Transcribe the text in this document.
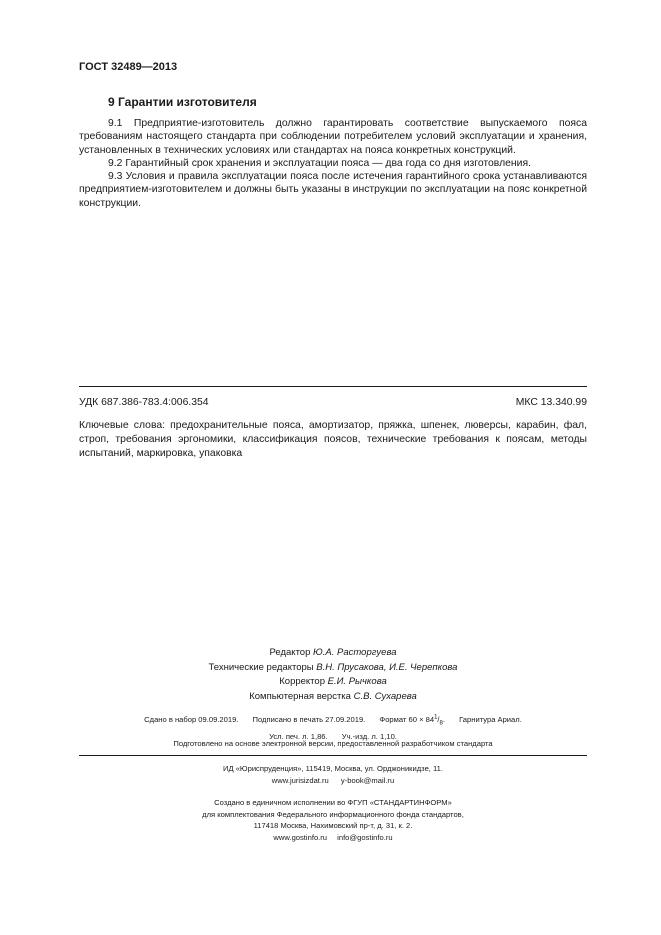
ГОСТ 32489—2013
9 Гарантии изготовителя

9.1 Предприятие-изготовитель должно гарантировать соответствие выпускаемого пояса требованиям настоящего стандарта при соблюдении потребителем условий эксплуатации и хранения, установленных в технических условиях или стандартах на пояса конкретных конструкций.

9.2 Гарантийный срок хранения и эксплуатации пояса — два года со дня изготовления.

9.3 Условия и правила эксплуатации пояса после истечения гарантийного срока устанавливаются предприятием-изготовителем и должны быть указаны в инструкции по эксплуатации на пояс конкретной конструкции.

УДК 687.386-783.4:006.354	МКС 13.340.99
Ключевые слова: предохранительные пояса, амортизатор, пряжка, шпенек, люверсы, карабин, фал, строп, требования эргономики, классификация поясов, технические требования к поясам, методы испытаний, маркировка, упаковка
Редактор Ю.А. Расторгуева
Технические редакторы В.Н. Прусакова, И.Е. Черепкова
Корректор Е.И. Рычкова
Компьютерная верстка С.В. Сухарева
Сдано в набор 09.09.2019. Подписано в печать 27.09.2019. Формат $60 \times 84^1/_8$. Гарнитура Ариал.
Усл. печ. л. 1,86. Уч.-изд. л. 1,10.
Подготовлено на основе электронной версии, предоставленной разработчиком стандарта
ИД «Юриспруденция», 115419, Москва, ул. Орджоникидзе, 11.
www.jurisizdat.ru y-book@mail.ru
Создано в единичном исполнении во ФГУП «СТАНДАРТИНФОРМ»
для комплектования Федерального информационного фонда стандартов,
117418 Москва, Нахимовский пр-т, д. 31, к. 2.
www.gostinfo.ru info@gostinfo.ru
